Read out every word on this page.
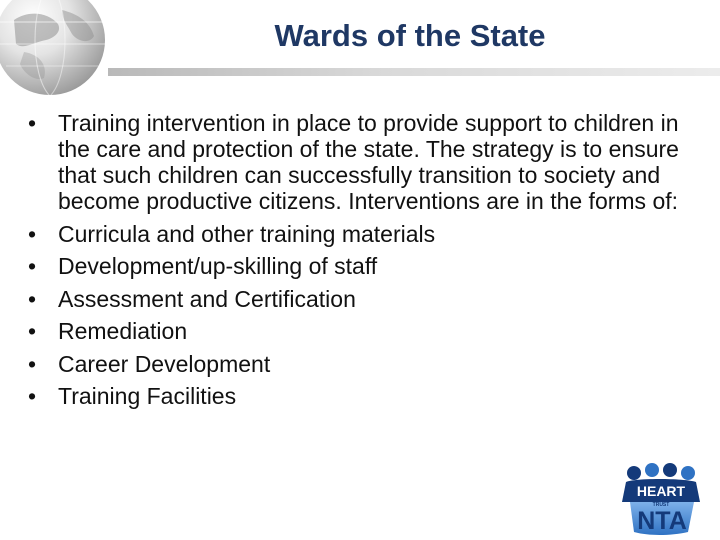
Wards of the State
• Training intervention in place to provide support to children in the care and protection of the state. The strategy is to ensure that such children can successfully transition to society and become productive citizens. Interventions are in the forms of:
• Curricula and other training materials
• Development/up-skilling of staff
• Assessment and Certification
• Remediation
• Career Development
• Training Facilities
HEART
TRUST
NTA
